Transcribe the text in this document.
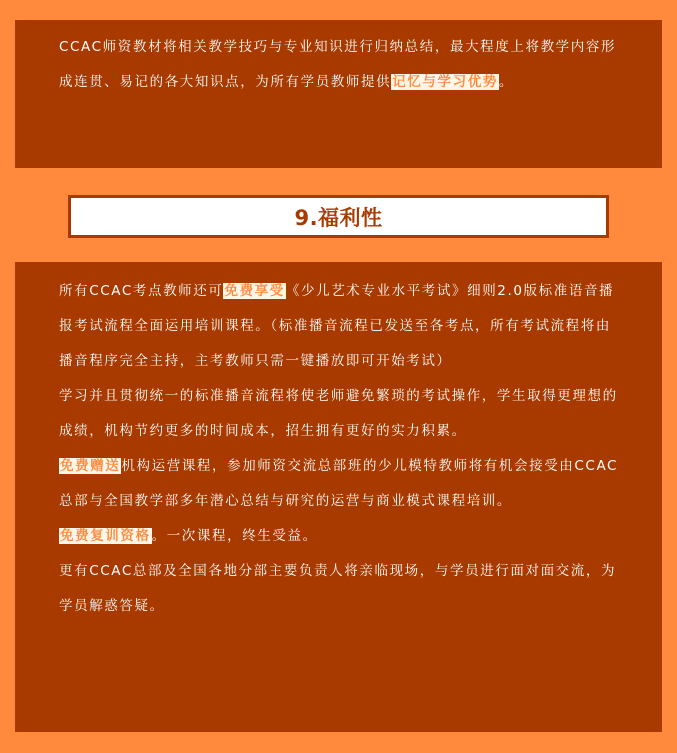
CCAC师资教材将相关教学技巧与专业知识进行归纳总结，最大程度上将教学内容形成连贯、易记的各大知识点，为所有学员教师提供记忆与学习优势。

9.福利性

所有CCAC考点教师还可免费享受《少儿艺术专业水平考试》细则2.0版标准语音播报考试流程全面运用培训课程。（标准播音流程已发送至各考点，所有考试流程将由播音程序完全主持，主考教师只需一键播放即可开始考试）

学习并且贯彻统一的标准播音流程将使老师避免繁琐的考试操作，学生取得更理想的成绩，机构节约更多的时间成本，招生拥有更好的实力积累。

免费赠送机构运营课程，参加师资交流总部班的少儿模特教师将有机会接受由CCAC总部与全国教学部多年潜心总结与研究的运营与商业模式课程培训。

免费复训资格。一次课程，终生受益。

更有CCAC总部及全国各地分部主要负责人将亲临现场，与学员进行面对面交流，为学员解惑答疑。
